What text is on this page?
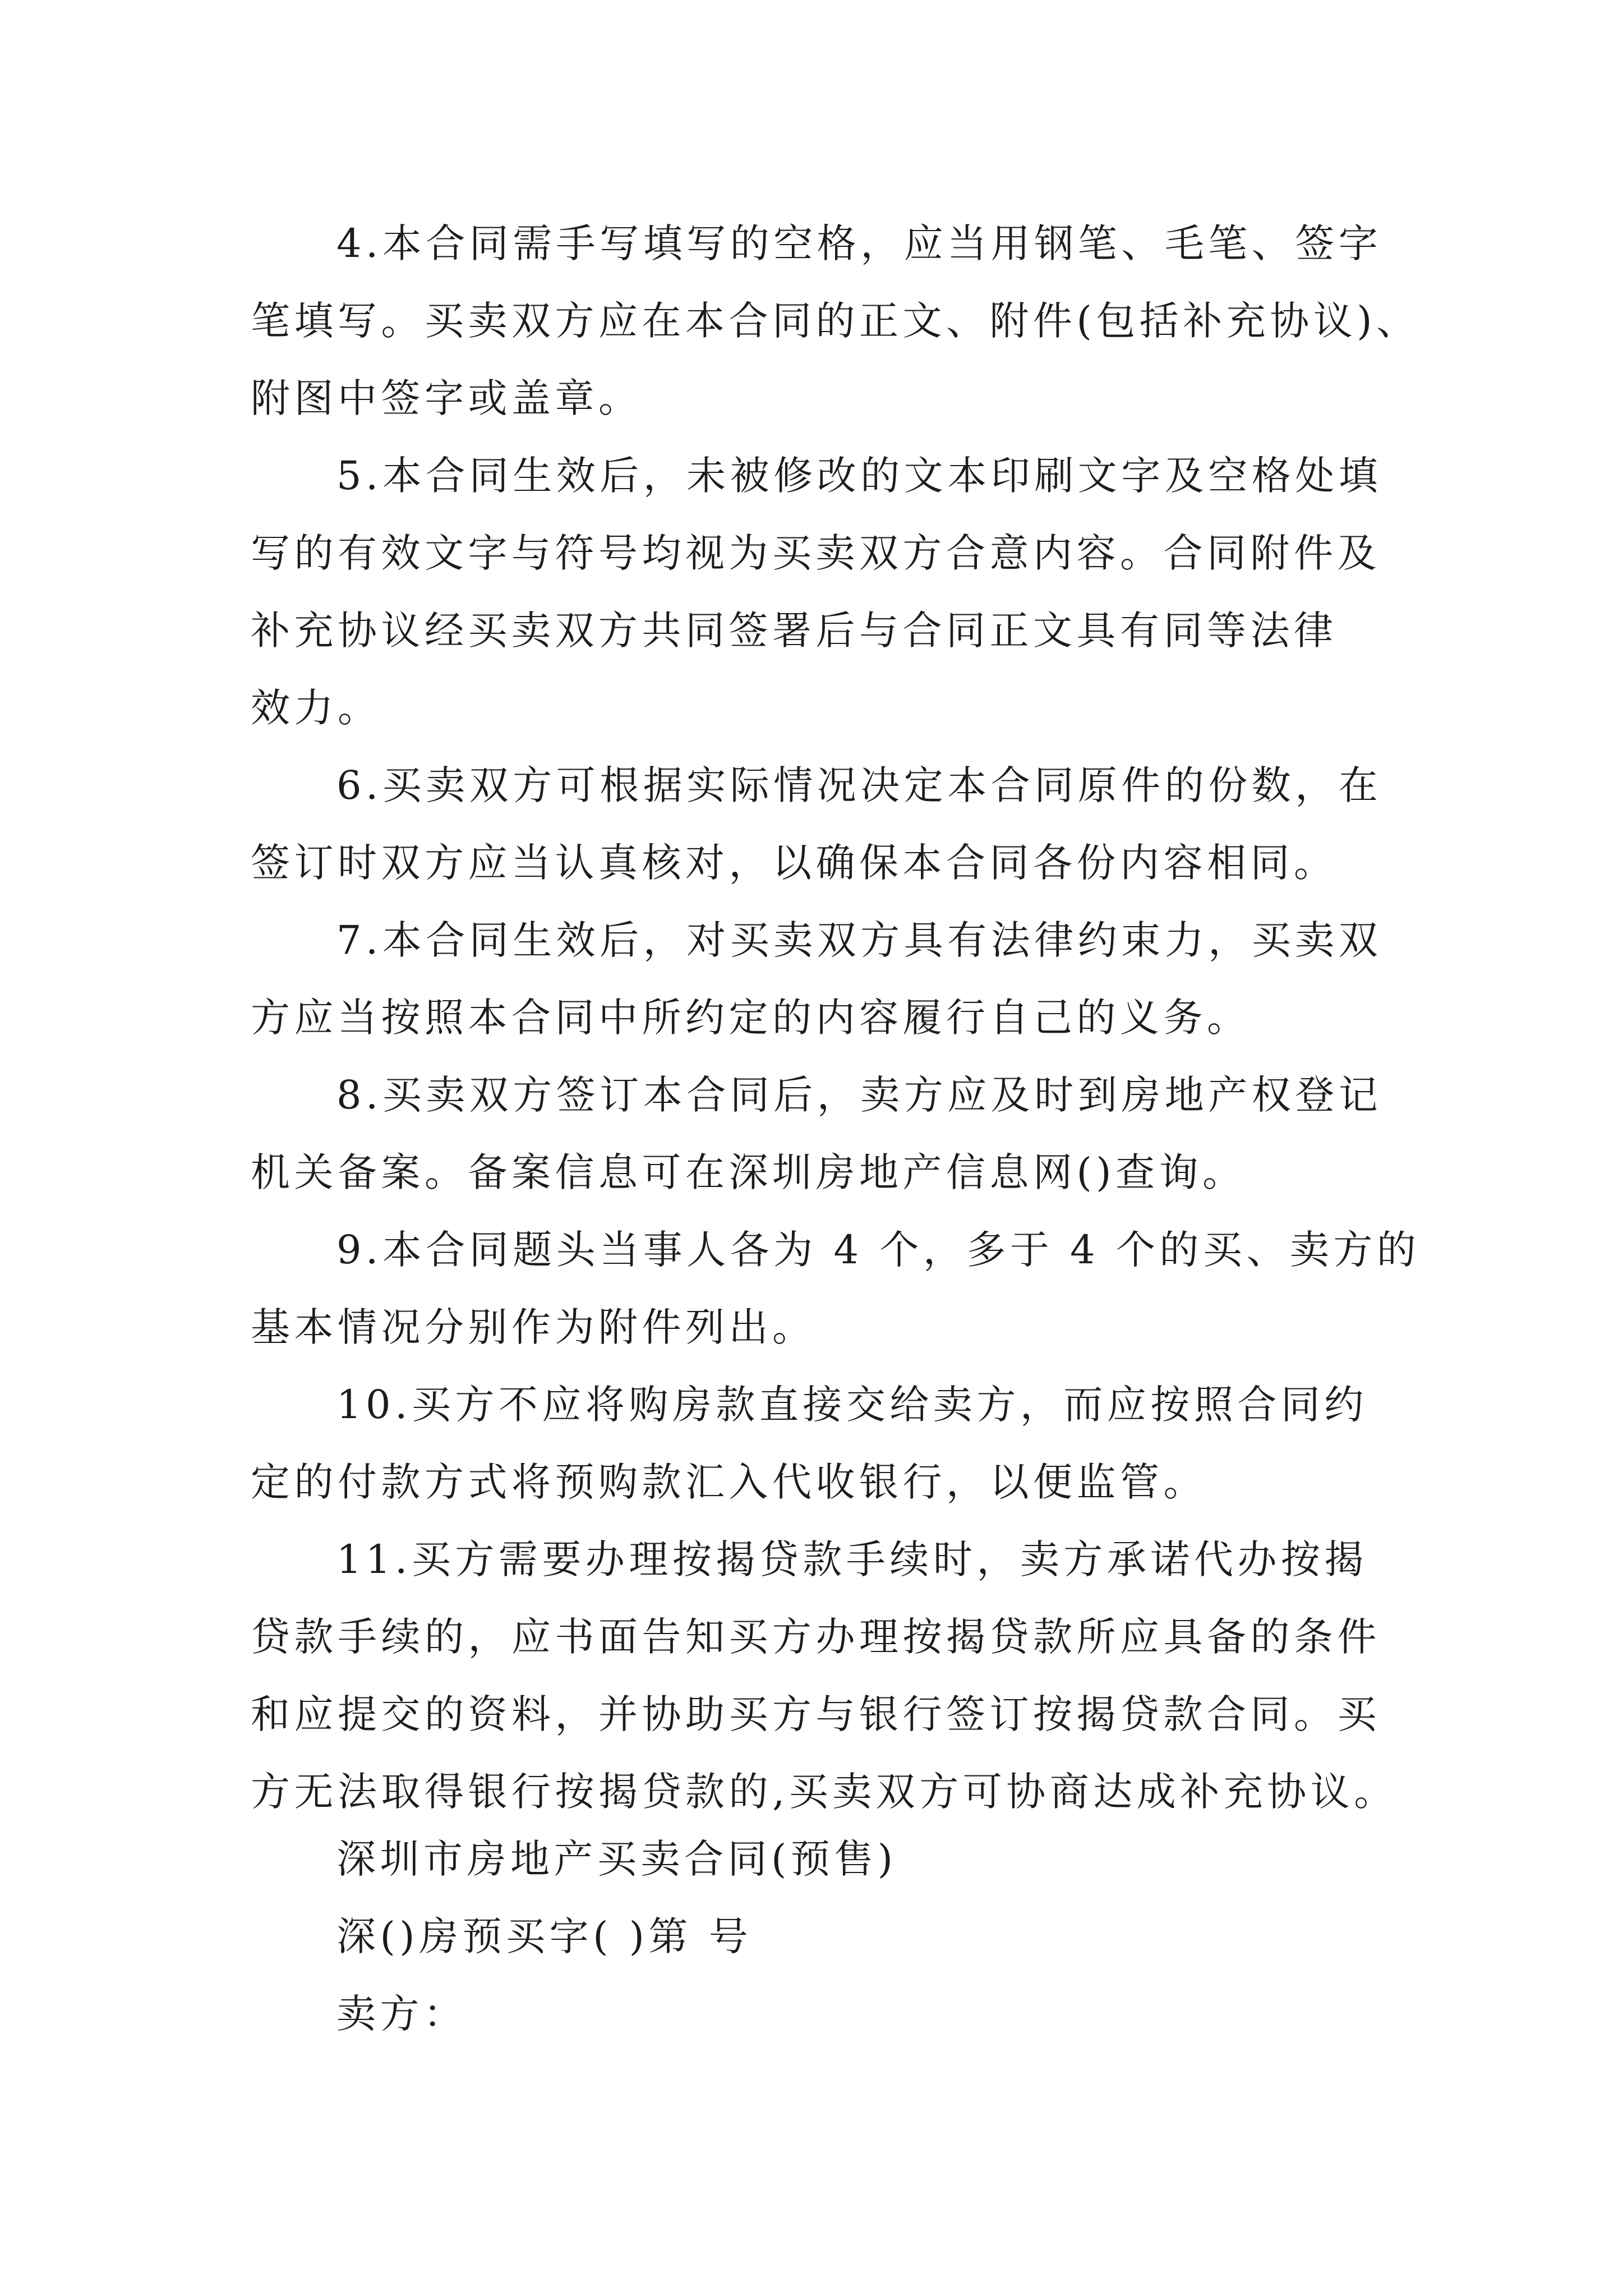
4.本合同需手写填写的空格，应当用钢笔、毛笔、签字
笔填写。买卖双方应在本合同的正文、附件(包括补充协议)、
附图中签字或盖章。
5.本合同生效后，未被修改的文本印刷文字及空格处填
写的有效文字与符号均视为买卖双方合意内容。合同附件及
补充协议经买卖双方共同签署后与合同正文具有同等法律
效力。
6.买卖双方可根据实际情况决定本合同原件的份数，在
签订时双方应当认真核对，以确保本合同各份内容相同。
7.本合同生效后，对买卖双方具有法律约束力，买卖双
方应当按照本合同中所约定的内容履行自己的义务。
8.买卖双方签订本合同后，卖方应及时到房地产权登记
机关备案。备案信息可在深圳房地产信息网()查询。
9.本合同题头当事人各为 4 个，多于 4 个的买、卖方的
基本情况分别作为附件列出。
10.买方不应将购房款直接交给卖方，而应按照合同约
定的付款方式将预购款汇入代收银行，以便监管。
11.买方需要办理按揭贷款手续时，卖方承诺代办按揭
贷款手续的，应书面告知买方办理按揭贷款所应具备的条件
和应提交的资料，并协助买方与银行签订按揭贷款合同。买
方无法取得银行按揭贷款的,买卖双方可协商达成补充协议。
深圳市房地产买卖合同(预售)
深()房预买字( )第 号
卖方：
